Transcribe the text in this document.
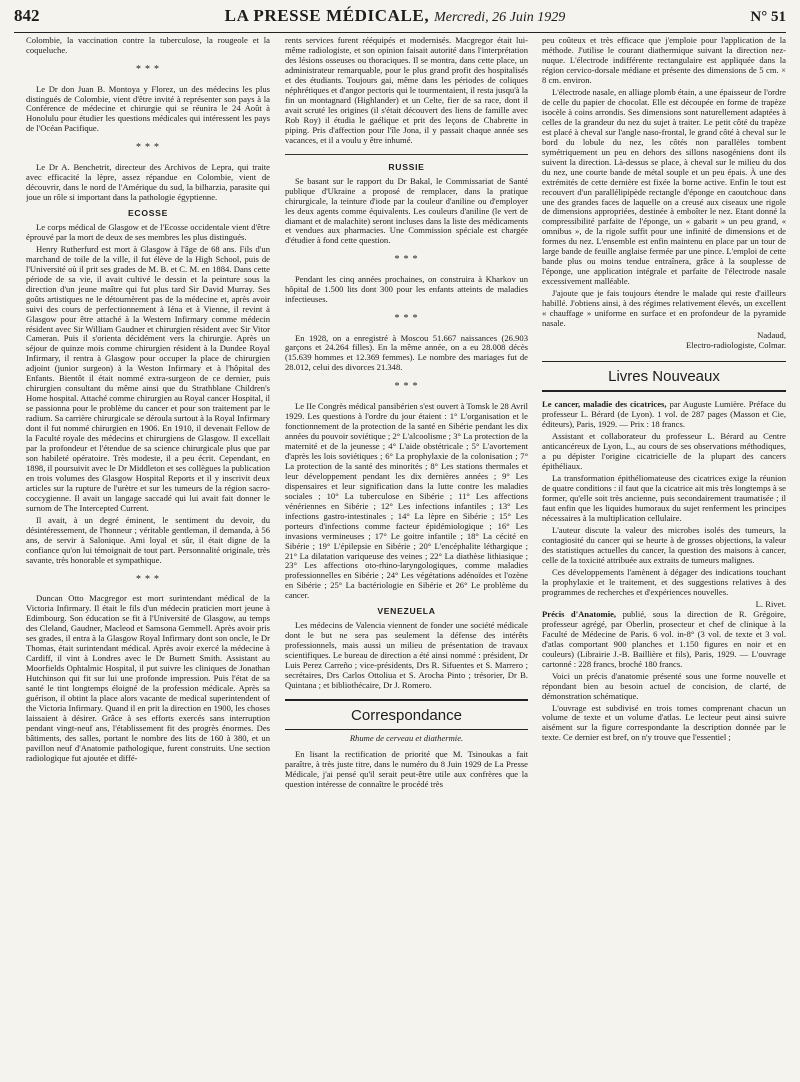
842	LA PRESSE MÉDICALE, Mercredi, 26 Juin 1929	N° 51

Colombie, la vaccination contre la tuberculose, la rougeole et la coqueluche.

* * *

Le Dr don Juan B. Montoya y Florez, un des médecins les plus distingués de Colombie, vient d'être invité à représenter son pays à la Conférence de médecine et chirurgie qui se réunira le 24 Août à Honolulu pour étudier les questions médicales qui intéressent les pays de l'Océan Pacifique.

* * *

Le Dr A. Benchetrit, directeur des Archivos de Lepra, qui traite avec efficacité la lèpre, assez répandue en Colombie, vient de découvrir, dans le nord de l'Amérique du sud, la bilharzia, parasite qui joue un rôle si important dans la pathologie égyptienne.

ECOSSE

Le corps médical de Glasgow et de l'Ecosse occidentale vient d'être éprouvé par la mort de deux de ses membres les plus distingués.

Henry Rutherfurd est mort à Glasgow à l'âge de 68 ans. Fils d'un marchand de toile de la ville, il fut élève de la High School, puis de l'Université où il prit ses grades de M. B. et C. M. en 1884. Dans cette période de sa vie, il avait cultivé le dessin et la peinture sous la direction d'un jeune maître qui fut plus tard Sir David Murray. Ses goûts artistiques ne le détournèrent pas de la médecine et, après avoir suivi des cours de perfectionnement à Iéna et à Vienne, il revint à Glasgow pour être attaché à la Western Infirmary comme médecin résident avec Sir William Gaudner et chirurgien résident avec Sir Vitor Cameran. Puis il s'orienta décidément vers la chirurgie. Après un séjour de quinze mois comme chirurgien résident à la Dundee Royal Infirmary, il rentra à Glasgow pour occuper la place de chirurgien adjoint (junior surgeon) à la Weston Infirmary et à l'hôpital des Enfants. Bientôt il était nommé extra-surgeon de ce dernier, puis chirurgien consultant du même ainsi que du Strathblane Children's Home hospital. Attaché comme chirurgien au Royal cancer Hospital, il se passionna pour le problème du cancer et pour son traitement par le radium. Sa carrière chirurgicale se déroula surtout à la Royal Infirmary dont il fut nommé chirurgien en 1906. En 1910, il devenait Fellow de la Faculté royale des médecins et chirurgiens de Glasgow. Il excellait par la profondeur et l'étendue de sa science chirurgicale plus que par son habileté opératoire. Très modeste, il a peu écrit. Cependant, en 1898, il poursuivit avec le Dr Middleton et ses collègues la publication en trois volumes des Glasgow Hospital Reports et il y inscrivit deux articles sur la rupture de l'urètre et sur les tumeurs de la région sacro-coccygienne. Il avait un langage saccadé qui lui avait fait donner le surnom de The Intercepted Current.

Il avait, à un degré éminent, le sentiment du devoir, du désintéressement, de l'honneur ; véritable gentleman, il demanda, à 56 ans, de servir à Salonique. Ami loyal et sûr, il était digne de la confiance qu'on lui témoignait de tout part. Personnalité originale, très savante, très honorable et sympathique.

* * *

Duncan Otto Macgregor est mort surintendant médical de la Victoria Infirmary. Il était le fils d'un médecin praticien mort jeune à Edimbourg. Son éducation se fit à l'Université de Glasgow, au temps des Cleland, Gaudner, Macleod et Samsona Gemmell. Après avoir pris ses grades, il entra à la Glasgow Royal Infirmary dont son oncle, le Dr Thomas, était surintendant médical. Après avoir exercé la médecine à Cardiff, il vint à Londres avec le Dr Burnett Smith. Assistant au Moorfields Ophtalmic Hospital, il put suivre les cliniques de Jonathan Hutchinson qui fit sur lui une profonde impression. Puis l'état de sa santé le tint longtemps éloigné de la profession médicale. Après sa guérison, il obtint la place alors vacante de medical superintendent of the Victoria Infirmary. Quand il en prit la direction en 1900, les choses laissaient à désirer. Grâce à ses efforts exercés sans interruption pendant vingt-neuf ans, l'établissement fit des progrès énormes. Des bâtiments, des salles, portant le nombre des lits de 160 à 380, et un pavillon neuf d'Anatomie pathologique, furent construits. Une section radiologique fut ajoutée et diffé-

rents services furent rééquipés et modernisés. Macgregor était lui-même radiologiste, et son opinion faisait autorité dans l'interprétation des lésions osseuses ou thoraciques. Il se montra, dans cette place, un administrateur remarquable, pour le plus grand profit des hospitalisés et des étudiants. Toujours gai, même dans les périodes de coliques néphrétiques et d'angor pectoris qui le tourmentaient, il resta jusqu'à la fin un montagnard (Highlander) et un Celte, fier de sa race, dont il avait scruté les origines (il s'était découvert des liens de famille avec Rob Roy) il étudia le gaélique et prit des leçons de Chabrette in piping. Pris d'affection pour l'île Jona, il y passait chaque année ses vacances, et il a voulu y être inhumé.

RUSSIE

Se basant sur le rapport du Dr Bakal, le Commissariat de Santé publique d'Ukraine a proposé de remplacer, dans la pratique chirurgicale, la teinture d'iode par la couleur d'aniline ou d'employer les deux agents comme équivalents. Les couleurs d'aniline (le vert de diamant et de malachite) seront incluses dans la liste des médicaments et vendues aux pharmacies. Une Commission spéciale est chargée d'étudier à fond cette question.

* * *

Pendant les cinq années prochaines, on construira à Kharkov un hôpital de 1.500 lits dont 300 pour les enfants atteints de maladies infectieuses.

* * *

En 1928, on a enregistré à Moscou 51.667 naissances (26.903 garçons et 24.264 filles). En la même année, on a eu 28.008 décès (15.639 hommes et 12.369 femmes). Le nombre des mariages fut de 28.012, celui des divorces 21.348.

* * *

Le IIe Congrès médical pansibérien s'est ouvert à Tomsk le 28 Avril 1929. Les questions à l'ordre du jour étaient : 1° L'organisation et le fonctionnement de la protection de la santé en Sibérie pendant les dix années du pouvoir soviétique ; 2° L'alcoolisme ; 3° La protection de la maternité et de la jeunesse ; 4° L'aide obstétricale ; 5° L'avortement d'après les lois soviétiques ; 6° La prophylaxie de la colonisation ; 7° La protection de la santé des minorités ; 8° Les stations thermales et leur développement pendant les dix dernières années ; 9° Les dispensaires et leur signification dans la lutte contre les maladies sociales ; 10° La tuberculose en Sibérie ; 11° Les affections vénériennes en Sibérie ; 12° Les infections infantiles ; 13° Les infections gastro-intestinales ; 14° La lèpre en Sibérie ; 15° Les porteurs d'infections comme facteur épidémiologique ; 16° Les invasions vermineuses ; 17° Le goitre infantile ; 18° La cécité en Sibérie ; 19° L'épilepsie en Sibérie ; 20° L'encéphalite léthargique ; 21° La dilatation variqueuse des veines ; 22° La diathèse lithiasique ; 23° Les affections oto-rhino-laryngologiques, comme maladies professionnelles en Sibérie ; 24° Les végétations adénoïdes et l'ozène en Sibérie ; 25° La bactériologie en Sibérie et 26° Le problème du cancer.

VENEZUELA

Les médecins de Valencia viennent de fonder une société médicale dont le but ne sera pas seulement la défense des intérêts professionnels, mais aussi un milieu de présentation de travaux scientifiques. Le bureau de direction a été ainsi nommé : président, Dr Luis Perez Carreño ; vice-présidents, Drs R. Sifuentes et S. Marrero ; secrétaires, Drs Carlos Ottoliua et S. Arocha Pinto ; trésorier, Dr B. Quintana ; et bibliothécaire, Dr J. Romero.

Correspondance
Rhume de cerveau et diathermie.

En lisant la rectification de priorité que M. Tsinoukas a fait paraître, à très juste titre, dans le numéro du 8 Juin 1929 de La Presse Médicale, j'ai pensé qu'il serait peut-être utile aux confrères que la question intéresse de connaître le procédé très

peu coûteux et très efficace que j'emploie pour l'application de la méthode. J'utilise le courant diathermique suivant la direction nez-nuque. L'électrode indifférente rectangulaire est appliquée dans la région cervico-dorsale médiane et présente des dimensions de 5 cm. × 8 cm. environ.

L'électrode nasale, en alliage plomb étain, a une épaisseur de l'ordre de celle du papier de chocolat. Elle est découpée en forme de trapèze isocèle à coins arrondis. Ses dimensions sont naturellement adaptées à celles de la grandeur du nez du sujet à traiter. Le petit côté du trapèze est placé à cheval sur l'angle naso-frontal, le grand côté à cheval sur le bord du lobule du nez, les côtés non parallèles tombent symétriquement un peu en dehors des sillons nasogéniens dont ils suivent la direction. Là-dessus se place, à cheval sur le milieu du dos du nez, une courte bande de métal souple et un peu épais. À une des extrémités de cette dernière est fixée la borne active. Enfin le tout est recouvert d'un parallélipipède rectangle d'éponge en caoutchouc dans une des grandes faces de laquelle on a creusé aux ciseaux une rigole de dimensions appropriées, destinée à emboîter le nez. Etant donné la compressibilité parfaite de l'éponge, un « gabarit » un peu grand, « omnibus », de la rigole suffit pour une infinité de dimensions et de formes du nez. L'ensemble est enfin maintenu en place par un tour de large bande de feuille anglaise fermée par une pince. L'emploi de cette bande plus ou moins tendue entraînera, grâce à la souplesse de l'éponge, une application intégrale et parfaite de l'électrode nasale excessivement malléable.

J'ajoute que je fais toujours étendre le malade qui reste d'ailleurs habillé. J'obtiens ainsi, à des régimes relativement élevés, un excellent « chauffage » uniforme en surface et en profondeur de la pyramide nasale.

Nadaud,

Electro-radiologiste, Colmar.

Livres Nouveaux

Le cancer, maladie des cicatrices, par Auguste Lumière. Préface du professeur L. Bérard (de Lyon). 1 vol. de 287 pages (Masson et Cie, éditeurs), Paris, 1929. — Prix : 18 francs.

Assistant et collaborateur du professeur L. Bérard au Centre anticancéreux de Lyon, L., au cours de ses observations méthodiques, a pu dépister l'origine cicatricielle de la plupart des cancers épithéliaux.

La transformation épithéliomateuse des cicatrices exige la réunion de quatre conditions : il faut que la cicatrice ait mis très longtemps à se former, qu'elle soit très ancienne, puis secondairement traumatisée ; il faut enfin que les liquides humoraux du sujet renferment les principes nécessaires à la multiplication cellulaire.

L'auteur discute la valeur des microbes isolés des tumeurs, la contagiosité du cancer qui se heurte à de grosses objections, la valeur des statistiques actuelles du cancer, la question des maisons à cancer, celle de la toxicité attribuée aux extraits de tumeurs malignes.

Ces développements l'amènent à dégager des indications touchant la prophylaxie et le traitement, et des suggestions relatives à des programmes de recherches et d'expériences nouvelles.

L. Rivet.

Précis d'Anatomie, publié, sous la direction de R. Grégoire, professeur agrégé, par Oberlin, prosecteur et chef de clinique à la Faculté de Médecine de Paris. 6 vol. in-8° (3 vol. de texte et 3 vol. d'atlas comportant 900 planches et 1.150 figures en noir et en couleurs) (Librairie J.-B. Baillière et fils), Paris, 1929. — L'ouvrage cartonné : 228 francs, broché 180 francs.

Voici un précis d'anatomie présenté sous une forme nouvelle et répondant bien au besoin actuel de concision, de clarté, de démonstration schématique.

L'ouvrage est subdivisé en trois tomes comprenant chacun un volume de texte et un volume d'atlas. Le lecteur peut ainsi suivre aisément sur la figure correspondante la description donnée par le texte. Ce dernier est bref, on n'y trouve que l'essentiel ;
